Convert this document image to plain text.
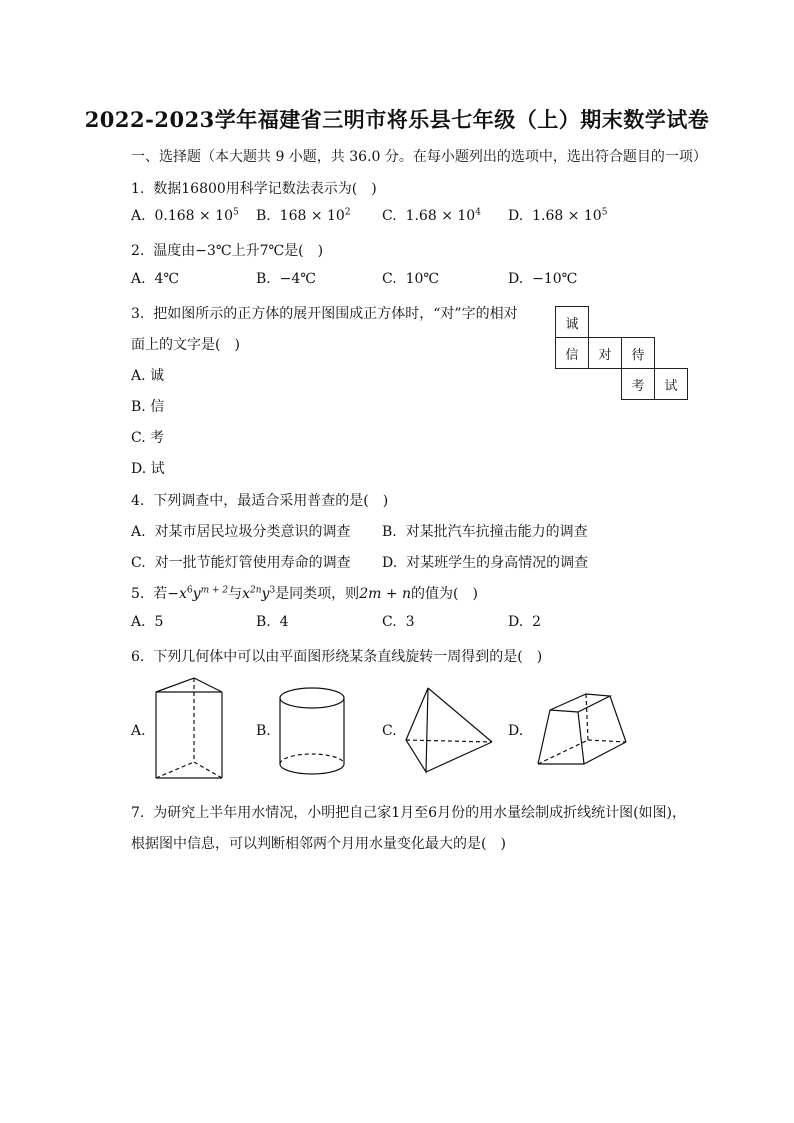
2022-2023学年福建省三明市将乐县七年级（上）期末数学试卷
一、选择题（本大题共 9 小题，共 36.0 分。在每小题列出的选项中，选出符合题目的一项）
1. 数据16800用科学记数法表示为(　)
A. $0.168 \times 10^5$ B. $168 \times 10^2$ C. $1.68 \times 10^4$ D. $1.68 \times 10^5$
2. 温度由−3℃上升7℃是(　)
A. 4℃	B. −4℃	C. 10℃	D. −10℃
3. 把如图所示的正方体的展开图围成正方体时，“对”字的相对
面上的文字是(　)
A. 诚
B. 信
C. 考
D. 试
诚			
信	对	待	
		考	试
4. 下列调查中，最适合采用普查的是(　)
A. 对某市居民垃圾分类意识的调查 B. 对某批汽车抗撞击能力的调查
C. 对一批节能灯管使用寿命的调查 D. 对某班学生的身高情况的调查
5. 若$-x^6y^{m + 2}$与$x^{2n}y^3$是同类项，则2m + n的值为(　)
A. 5	B. 4	C. 3	D. 2
6. 下列几何体中可以由平面图形绕某条直线旋转一周得到的是(　)
A.	B.	C.	D.
7. 为研究上半年用水情况，小明把自己家1月至6月份的用水量绘制成折线统计图(如图)，
根据图中信息，可以判断相邻两个月用水量变化最大的是(　)
